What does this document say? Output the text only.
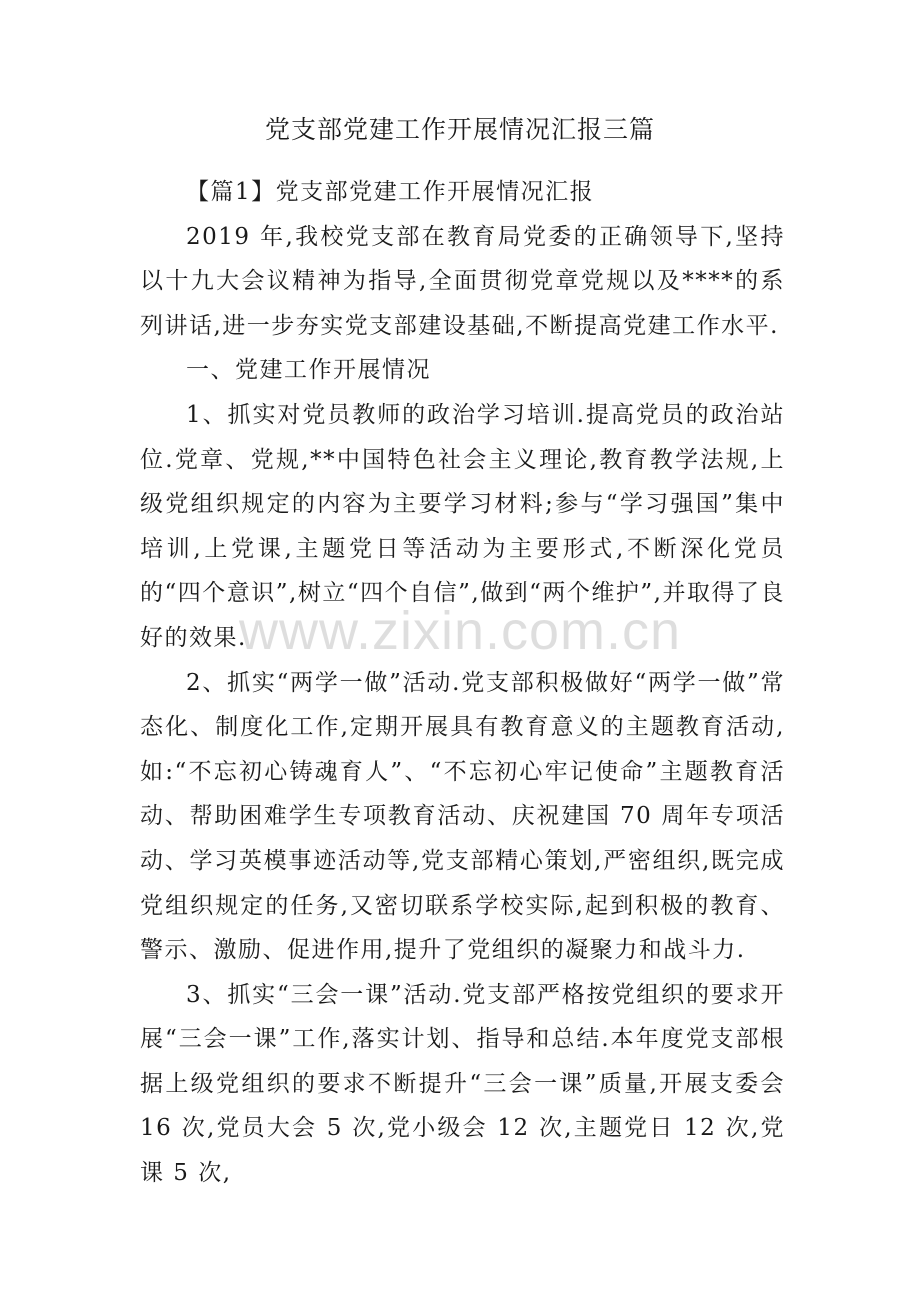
党支部党建工作开展情况汇报三篇

【篇1】党支部党建工作开展情况汇报

2019 年,我校党支部在教育局党委的正确领导下,坚持以十九大会议精神为指导,全面贯彻党章党规以及****的系列讲话,进一步夯实党支部建设基础,不断提高党建工作水平.

一、党建工作开展情况

1、抓实对党员教师的政治学习培训.提高党员的政治站位.党章、党规,**中国特色社会主义理论,教育教学法规,上级党组织规定的内容为主要学习材料;参与“学习强国”集中培训,上党课,主题党日等活动为主要形式,不断深化党员的“四个意识”,树立“四个自信”,做到“两个维护”,并取得了良好的效果.

2、抓实“两学一做”活动.党支部积极做好“两学一做”常态化、制度化工作,定期开展具有教育意义的主题教育活动,如:“不忘初心铸魂育人”、“不忘初心牢记使命”主题教育活动、帮助困难学生专项教育活动、庆祝建国 70 周年专项活动、学习英模事迹活动等,党支部精心策划,严密组织,既完成党组织规定的任务,又密切联系学校实际,起到积极的教育、警示、激励、促进作用,提升了党组织的凝聚力和战斗力.

3、抓实“三会一课”活动.党支部严格按党组织的要求开展“三会一课”工作,落实计划、指导和总结.本年度党支部根据上级党组织的要求不断提升“三会一课”质量,开展支委会 16 次,党员大会 5 次,党小级会 12 次,主题党日 12 次,党课 5 次,

www.zixin.com.cn
